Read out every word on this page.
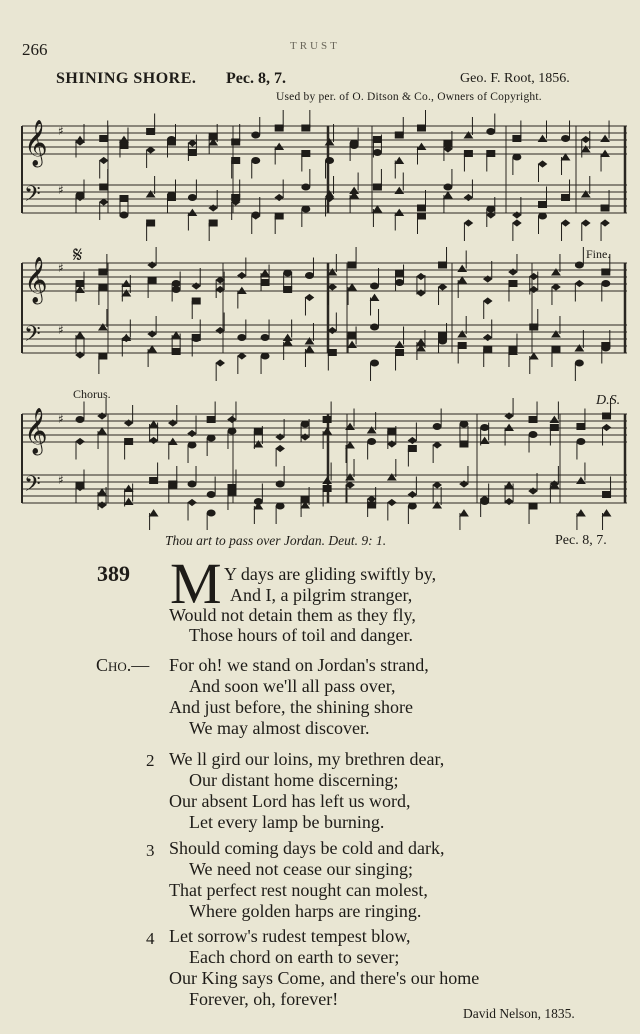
266	TRUST
SHINING SHORE. Pec. 8, 7.	Geo. F. Root, 1856.
Used by per. of O. Ditson & Co., Owners of Copyright.
𝄞 ♯
𝄢 ♯
𝄞 ♯
𝄢 ♯
𝄞 ♯
𝄢 ♯
𝄋	Fine.
Chorus.	D.S.
Thou art to pass over Jordan. Deut. 9: 1.	Pec. 8, 7.
389 M Y days are gliding swiftly by,
And I, a pilgrim stranger,
Would not detain them as they fly,
Those hours of toil and danger.
Cho.— For oh! we stand on Jordan's strand,
And soon we'll all pass over,
And just before, the shining shore
We may almost discover.
2 We ll gird our loins, my brethren dear,
Our distant home discerning;
Our absent Lord has left us word,
Let every lamp be burning.
3 Should coming days be cold and dark,
We need not cease our singing;
That perfect rest nought can molest,
Where golden harps are ringing.
4 Let sorrow's rudest tempest blow,
Each chord on earth to sever;
Our King says Come, and there's our home
Forever, oh, forever!
David Nelson, 1835.
